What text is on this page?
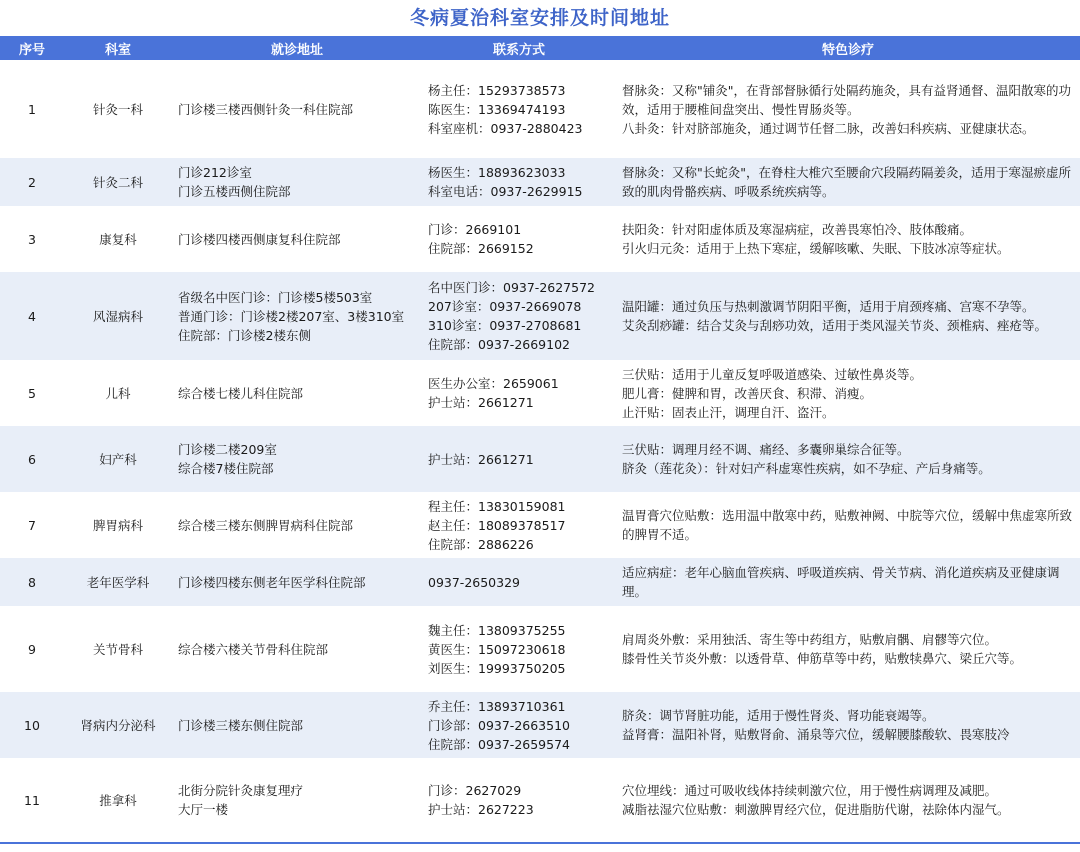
冬病夏治科室安排及时间地址
序号	科室	就诊地址	联系方式	特色诊疗
1	针灸一科	门诊楼三楼西侧针灸一科住院部	杨主任：15293738573
陈医生：13369474193
科室座机：0937-2880423	督脉灸：又称"铺灸"，在背部督脉循行处隔药施灸，具有益肾通督、温阳散寒的功效，适用于腰椎间盘突出、慢性胃肠炎等。
八卦灸：针对脐部施灸，通过调节任督二脉，改善妇科疾病、亚健康状态。

2	针灸二科	门诊212诊室
门诊五楼西侧住院部	杨医生：18893623033
科室电话：0937-2629915	督脉灸：又称"长蛇灸"，在脊柱大椎穴至腰俞穴段隔药隔姜灸，适用于寒湿瘀虚所致的肌肉骨骼疾病、呼吸系统疾病等。

3	康复科	门诊楼四楼西侧康复科住院部	门诊：2669101
住院部：2669152	扶阳灸：针对阳虚体质及寒湿病症，改善畏寒怕冷、肢体酸痛。
引火归元灸：适用于上热下寒症，缓解咳嗽、失眠、下肢冰凉等症状。

4	风湿病科	省级名中医门诊：门诊楼5楼503室
普通门诊：门诊楼2楼207室、3楼310室
住院部：门诊楼2楼东侧	名中医门诊：0937-2627572
207诊室：0937-2669078
310诊室：0937-2708681
住院部：0937-2669102	温阳罐：通过负压与热刺激调节阴阳平衡，适用于肩颈疼痛、宫寒不孕等。
艾灸刮痧罐：结合艾灸与刮痧功效，适用于类风湿关节炎、颈椎病、痤疮等。

5	儿科	综合楼七楼儿科住院部	医生办公室：2659061
护士站：2661271	三伏贴：适用于儿童反复呼吸道感染、过敏性鼻炎等。
肥儿膏：健脾和胃，改善厌食、积滞、消瘦。
止汗贴：固表止汗，调理自汗、盗汗。

6	妇产科	门诊楼二楼209室
综合楼7楼住院部	护士站：2661271	三伏贴：调理月经不调、痛经、多囊卵巢综合征等。
脐灸（莲花灸）：针对妇产科虚寒性疾病，如不孕症、产后身痛等。

7	脾胃病科	综合楼三楼东侧脾胃病科住院部	程主任：13830159081
赵主任：18089378517
住院部：2886226	温胃膏穴位贴敷：选用温中散寒中药，贴敷神阙、中脘等穴位，缓解中焦虚寒所致的脾胃不适。

8	老年医学科	门诊楼四楼东侧老年医学科住院部	0937-2650329	适应病症：老年心脑血管疾病、呼吸道疾病、骨关节病、消化道疾病及亚健康调理。

9	关节骨科	综合楼六楼关节骨科住院部	魏主任：13809375255
黄医生：15097230618
刘医生：19993750205	肩周炎外敷：采用独活、寄生等中药组方，贴敷肩髃、肩髎等穴位。
膝骨性关节炎外敷：以透骨草、伸筋草等中药，贴敷犊鼻穴、梁丘穴等。

10	肾病内分泌科	门诊楼三楼东侧住院部	乔主任：13893710361
门诊部：0937-2663510
住院部：0937-2659574	脐灸：调节肾脏功能，适用于慢性肾炎、肾功能衰竭等。
益肾膏：温阳补肾，贴敷肾俞、涌泉等穴位，缓解腰膝酸软、畏寒肢冷

11	推拿科	北街分院针灸康复理疗
大厅一楼	门诊：2627029
护士站：2627223	穴位埋线：通过可吸收线体持续刺激穴位，用于慢性病调理及减肥。
减脂祛湿穴位贴敷：刺激脾胃经穴位，促进脂肪代谢，祛除体内湿气。
